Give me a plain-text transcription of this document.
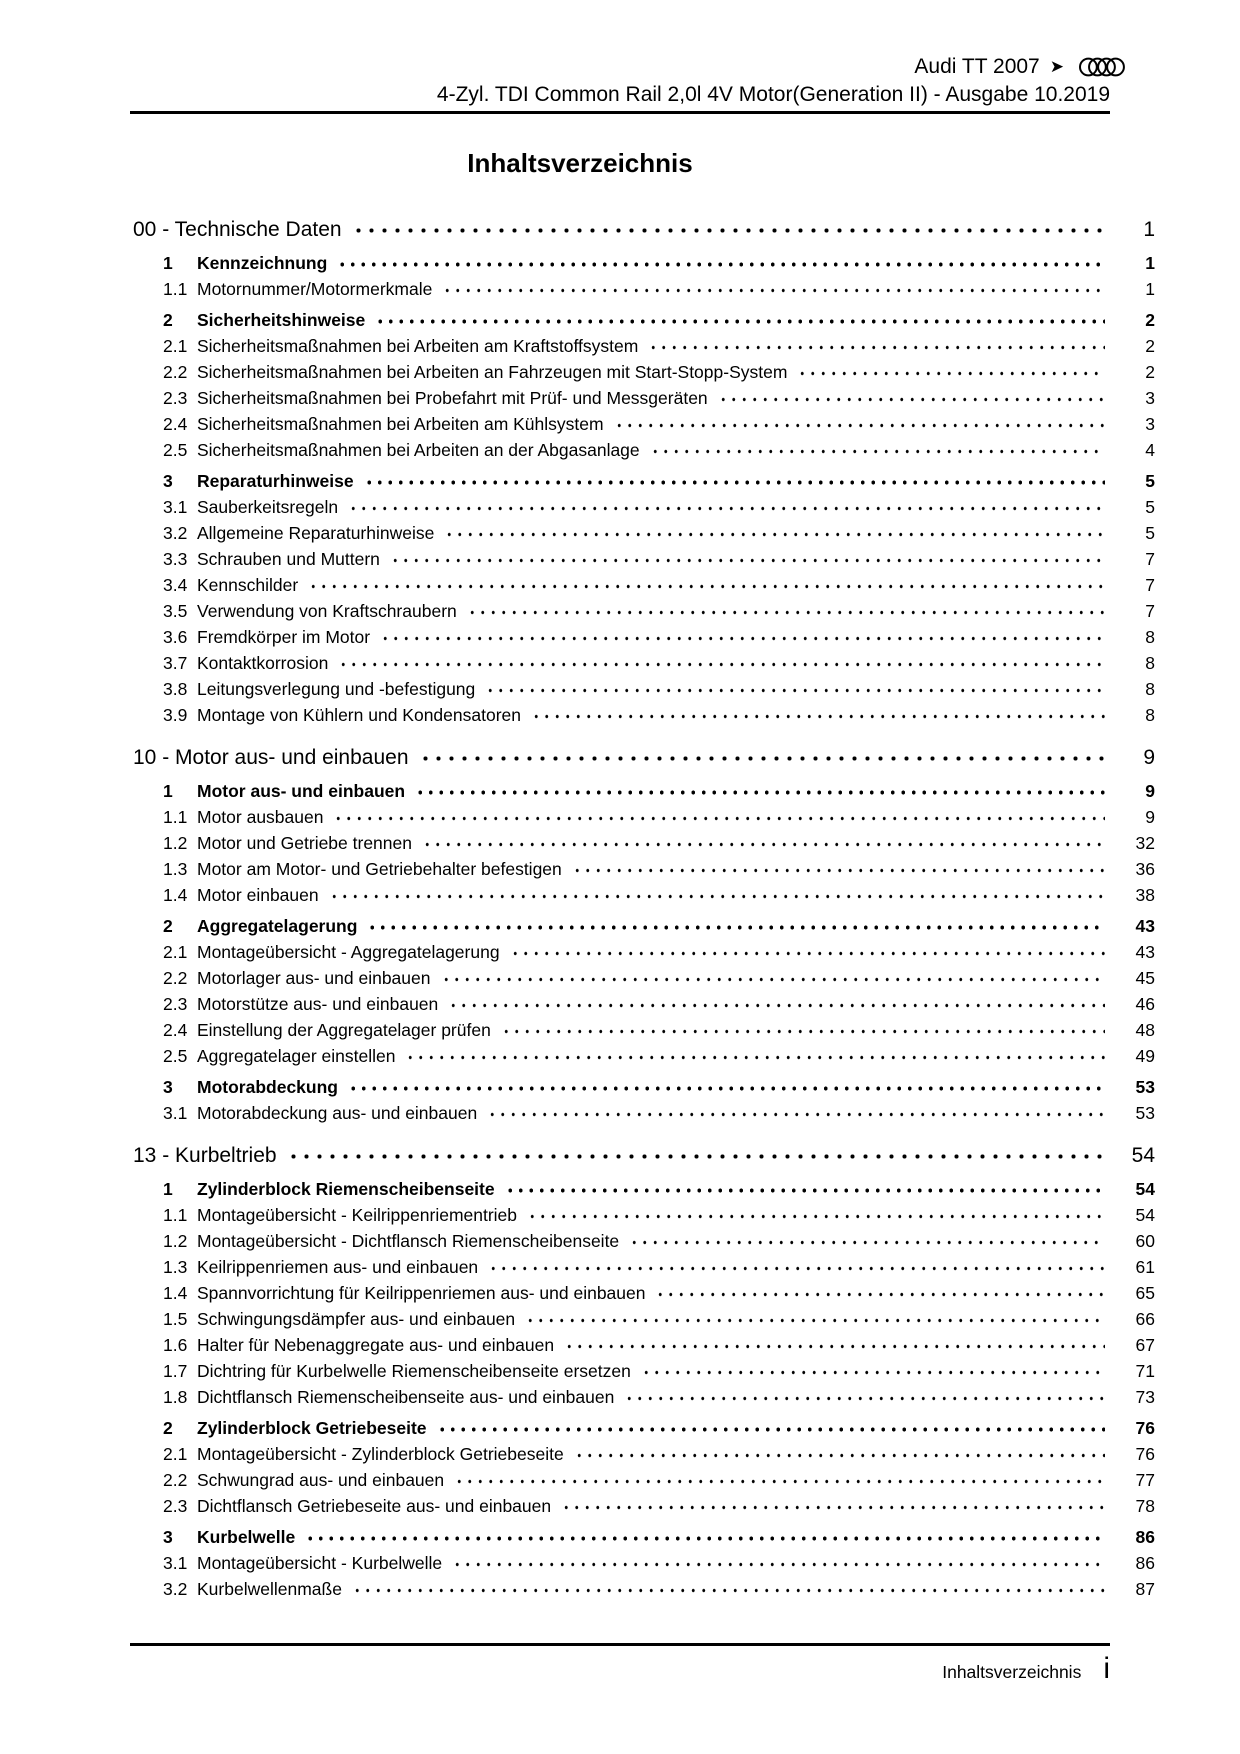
Audi TT 2007 ➤
4-Zyl. TDI Common Rail 2,0l 4V Motor(Generation II) - Ausgabe 10.2019
Inhaltsverzeichnis
00 - Technische Daten	1
1	Kennzeichnung	1
1.1 Motornummer/Motormerkmale	1
2	Sicherheitshinweise	2
2.1 Sicherheitsmaßnahmen bei Arbeiten am Kraftstoffsystem	2
2.2 Sicherheitsmaßnahmen bei Arbeiten an Fahrzeugen mit Start-Stopp-System	2
2.3 Sicherheitsmaßnahmen bei Probefahrt mit Prüf- und Messgeräten	3
2.4 Sicherheitsmaßnahmen bei Arbeiten am Kühlsystem	3
2.5 Sicherheitsmaßnahmen bei Arbeiten an der Abgasanlage	4
3	Reparaturhinweise	5
3.1 Sauberkeitsregeln	5
3.2 Allgemeine Reparaturhinweise	5
3.3 Schrauben und Muttern	7
3.4 Kennschilder	7
3.5 Verwendung von Kraftschraubern	7
3.6 Fremdkörper im Motor	8
3.7 Kontaktkorrosion	8
3.8 Leitungsverlegung und -befestigung	8
3.9 Montage von Kühlern und Kondensatoren	8
10 - Motor aus- und einbauen	9
1	Motor aus- und einbauen	9
1.1 Motor ausbauen	9
1.2 Motor und Getriebe trennen	32
1.3 Motor am Motor- und Getriebehalter befestigen	36
1.4 Motor einbauen	38
2	Aggregatelagerung	43
2.1 Montageübersicht - Aggregatelagerung	43
2.2 Motorlager aus- und einbauen	45
2.3 Motorstütze aus- und einbauen	46
2.4 Einstellung der Aggregatelager prüfen	48
2.5 Aggregatelager einstellen	49
3	Motorabdeckung	53
3.1 Motorabdeckung aus- und einbauen	53
13 - Kurbeltrieb	54
1	Zylinderblock Riemenscheibenseite	54
1.1 Montageübersicht - Keilrippenriementrieb	54
1.2 Montageübersicht - Dichtflansch Riemenscheibenseite	60
1.3 Keilrippenriemen aus- und einbauen	61
1.4 Spannvorrichtung für Keilrippenriemen aus- und einbauen	65
1.5 Schwingungsdämpfer aus- und einbauen	66
1.6 Halter für Nebenaggregate aus- und einbauen	67
1.7 Dichtring für Kurbelwelle Riemenscheibenseite ersetzen	71
1.8 Dichtflansch Riemenscheibenseite aus- und einbauen	73
2	Zylinderblock Getriebeseite	76
2.1 Montageübersicht - Zylinderblock Getriebeseite	76
2.2 Schwungrad aus- und einbauen	77
2.3 Dichtflansch Getriebeseite aus- und einbauen	78
3	Kurbelwelle	86
3.1 Montageübersicht - Kurbelwelle	86
3.2 Kurbelwellenmaße	87
Inhaltsverzeichnis i
